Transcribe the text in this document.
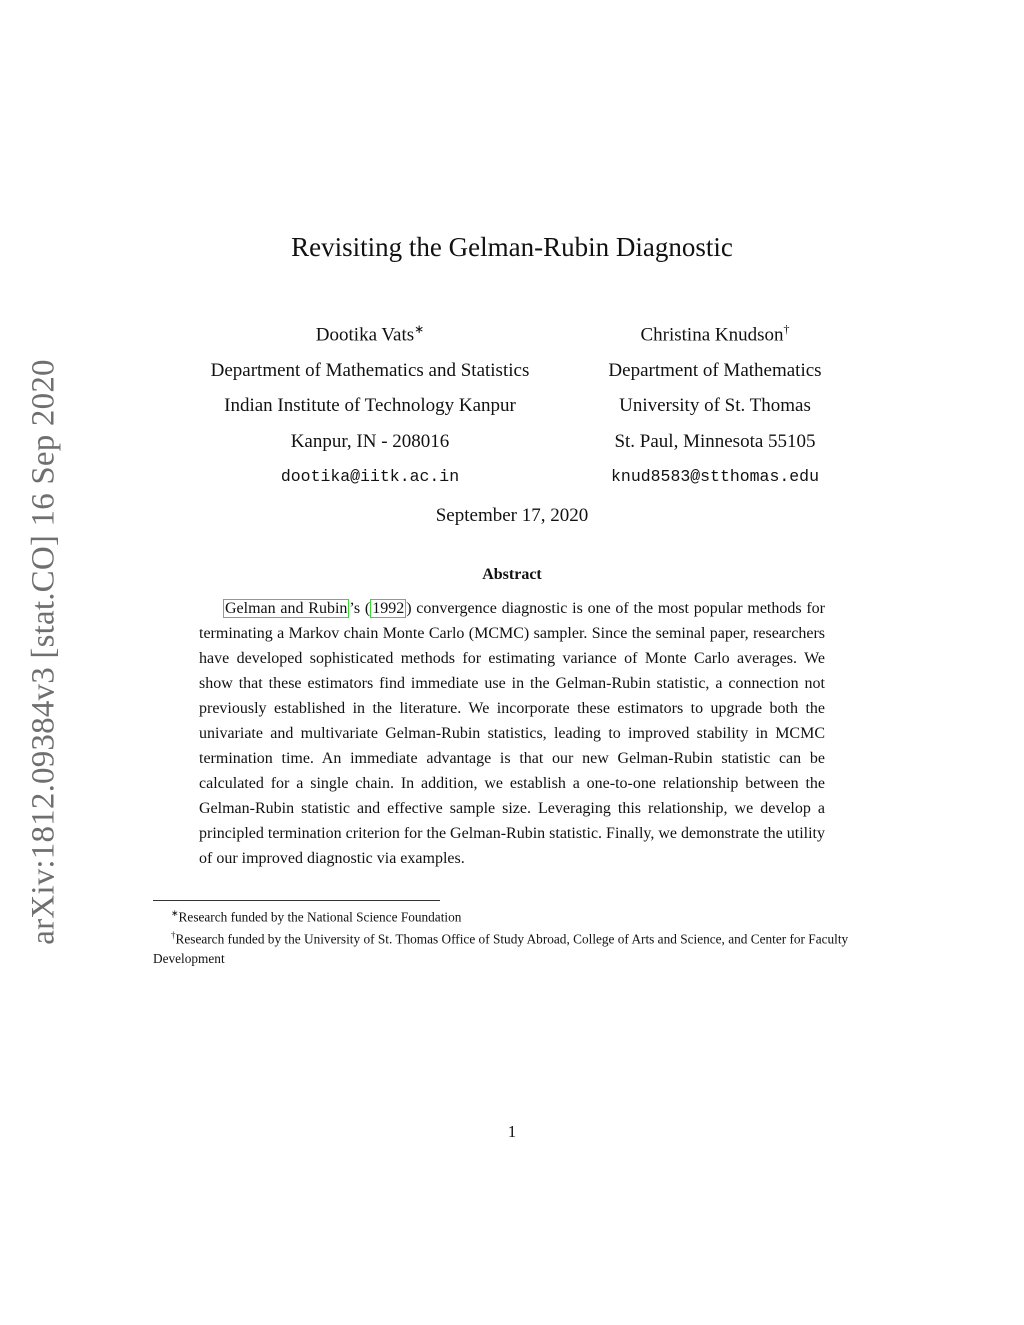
arXiv:1812.09384v3 [stat.CO] 16 Sep 2020
Revisiting the Gelman-Rubin Diagnostic
Dootika Vats∗
Department of Mathematics and Statistics
Indian Institute of Technology Kanpur
Kanpur, IN - 208016
dootika@iitk.ac.in
Christina Knudson†
Department of Mathematics
University of St. Thomas
St. Paul, Minnesota 55105
knud8583@stthomas.edu
September 17, 2020
Abstract

Gelman and Rubin ’s ( 1992 ) convergence diagnostic is one of the most popular methods for terminating a Markov chain Monte Carlo (MCMC) sampler. Since the seminal paper, researchers have developed sophisticated methods for estimating variance of Monte Carlo averages. We show that these estimators find immediate use in the Gelman-Rubin statistic, a connection not previously established in the literature. We incorporate these estimators to upgrade both the univariate and multivariate Gelman-Rubin statistics, leading to improved stability in MCMC termination time. An immediate advantage is that our new Gelman-Rubin statistic can be calculated for a single chain. In addition, we establish a one-to-one relationship between the Gelman-Rubin statistic and effective sample size. Leveraging this relationship, we develop a principled termination criterion for the Gelman-Rubin statistic. Finally, we demonstrate the utility of our improved diagnostic via examples.

∗Research funded by the National Science Foundation
†Research funded by the University of St. Thomas Office of Study Abroad, College of Arts and Science, and Center for Faculty Development
1
